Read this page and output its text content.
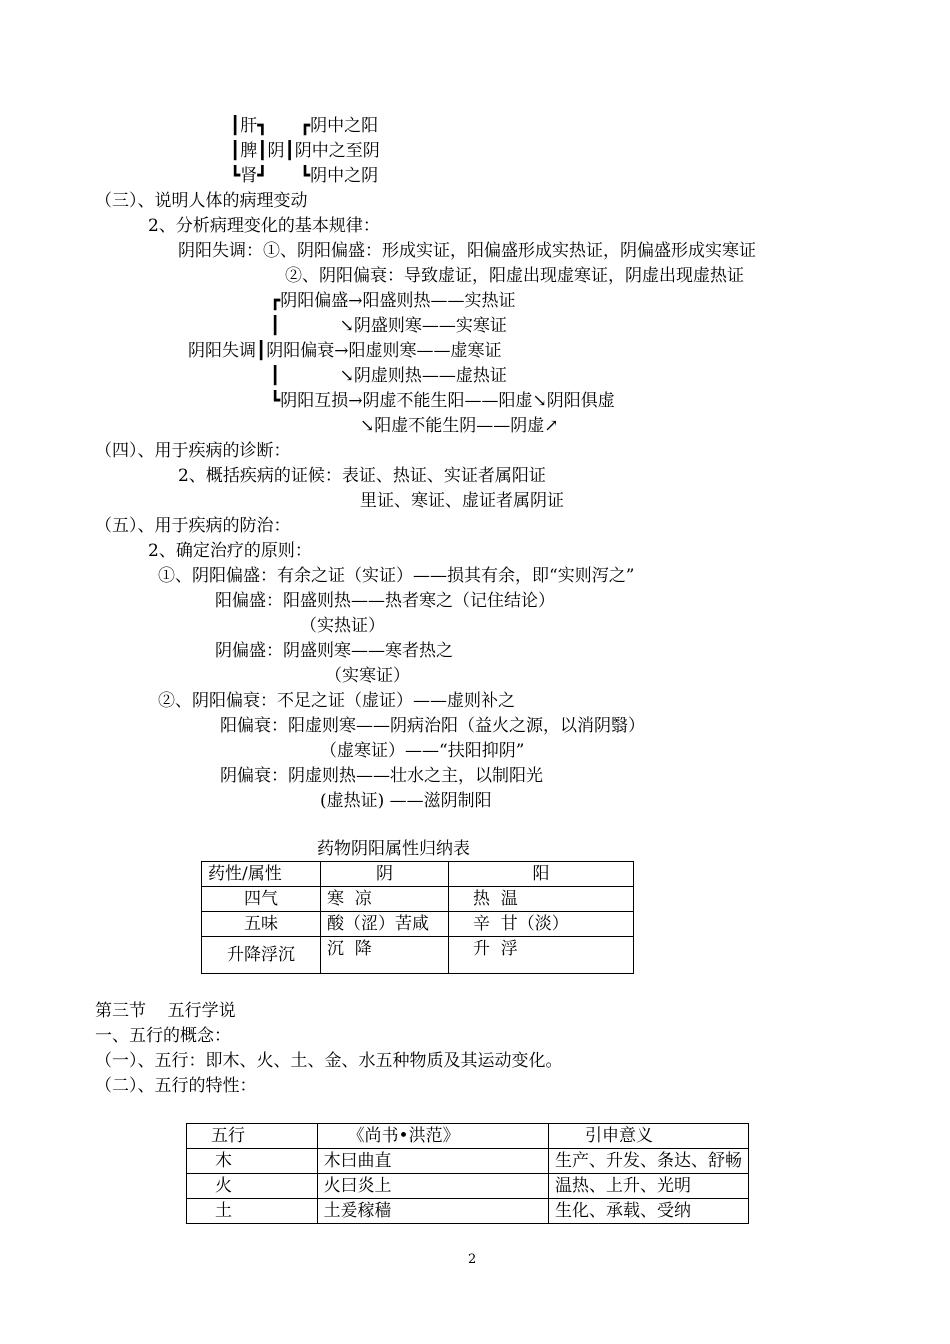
┃肝┓      ┏阴中之阳
┃脾┃阴┃阴中之至阴
┗肾┛      ┗阴中之阴
（三）、说明人体的病理变动
2、分析病理变化的基本规律：
阴阳失调：①、阴阳偏盛：形成实证，阳偏盛形成实热证，阴偏盛形成实寒证
②、阴阳偏衰：导致虚证，阳虚出现虚寒证，阴虚出现虚热证
┏阴阳偏盛→阳盛则热——实热证
┃           ↘阴盛则寒——实寒证
阴阳失调┃阴阳偏衰→阳虚则寒——虚寒证
┃           ↘阴虚则热——虚热证
┗阴阳互损→阴虚不能生阳——阳虚↘阴阳俱虚
↘阳虚不能生阴——阴虚↗
（四）、用于疾病的诊断：
2、概括疾病的证候：表证、热证、实证者属阳证
里证、寒证、虚证者属阴证
（五）、用于疾病的防治：
2、确定治疗的原则：
①、阴阳偏盛：有余之证（实证）——损其有余，即“实则泻之”
阳偏盛：阳盛则热——热者寒之（记住结论）
（实热证）
阴偏盛：阴盛则寒——寒者热之
（实寒证）
②、阴阳偏衰：不足之证（虚证）——虚则补之
阳偏衰：阳虚则寒——阴病治阳（益火之源，以消阴翳）
（虚寒证）——“扶阳抑阴”
阴偏衰：阴虚则热——壮水之主，以制阳光
(虚热证) ——滋阴制阳
药物阴阳属性归纳表
药性/属性	阴	阳
四气	寒  凉	热  温
五味	酸（涩）苦咸	辛  甘（淡）
升降浮沉	沉  降	升  浮
第三节    五行学说
一、五行的概念：
（一）、五行：即木、火、土、金、水五种物质及其运动变化。
（二）、五行的特性：
五行	《尚书•洪范》	引申意义
木	木曰曲直	生产、升发、条达、舒畅
火	火曰炎上	温热、上升、光明
土	土爰稼穑	生化、承载、受纳
2
